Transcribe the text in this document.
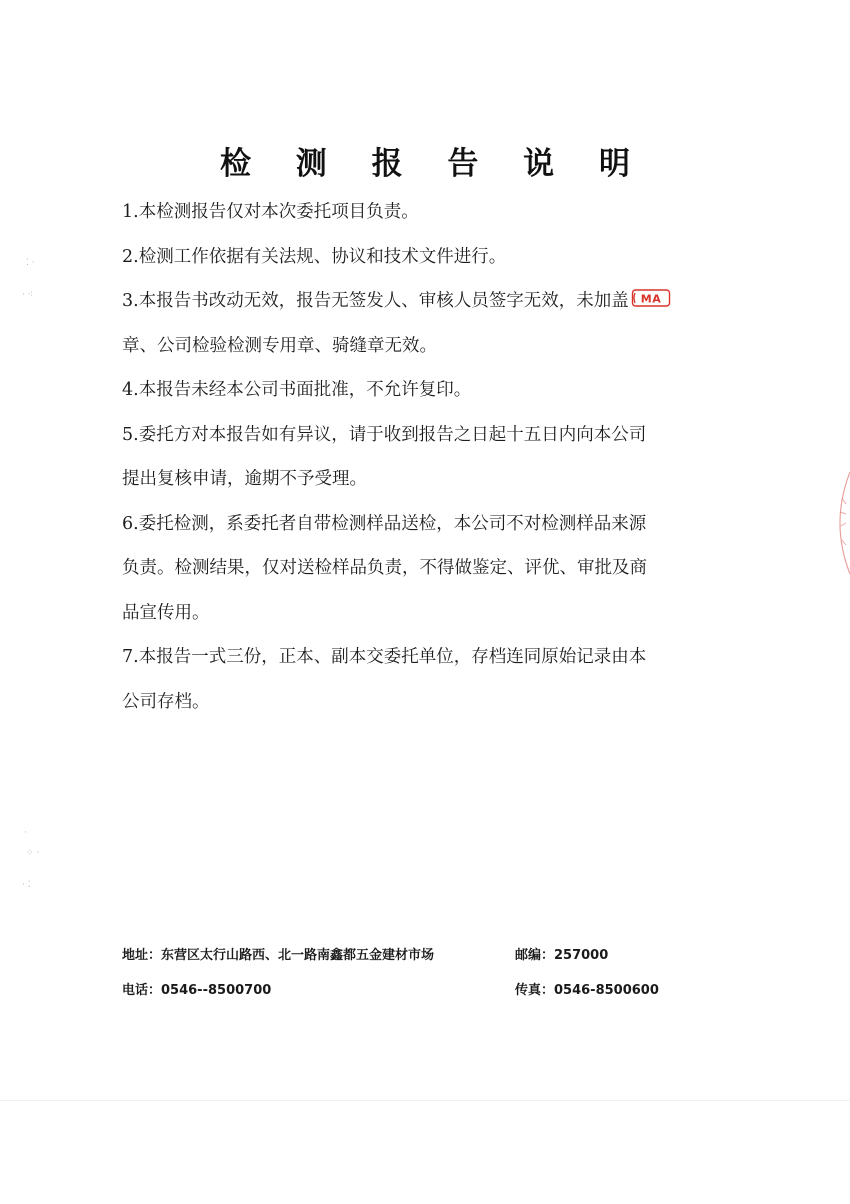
检 测 报 告 说 明

1.本检测报告仅对本次委托项目负责。

2.检测工作依据有关法规、协议和技术文件进行。

3.本报告书改动无效，报告无签发人、审核人员签字无效，未加盖 MA
章、公司检验检测专用章、骑缝章无效。

4.本报告未经本公司书面批准，不允许复印。

5.委托方对本报告如有异议，请于收到报告之日起十五日内向本公司
提出复核申请，逾期不予受理。

6.委托检测，系委托者自带检测样品送检，本公司不对检测样品来源
负责。检测结果，仅对送检样品负责，不得做鉴定、评优、审批及商
品宣传用。

7.本报告一式三份，正本、副本交委托单位，存档连同原始记录由本
公司存档。

地址：东营区太行山路西、北一路南鑫都五金建材市场	邮编：257000
电话：0546--8500700	传真：0546-8500600
⁚ ·
· ⁖
·
⁘ ·
· ⁚
